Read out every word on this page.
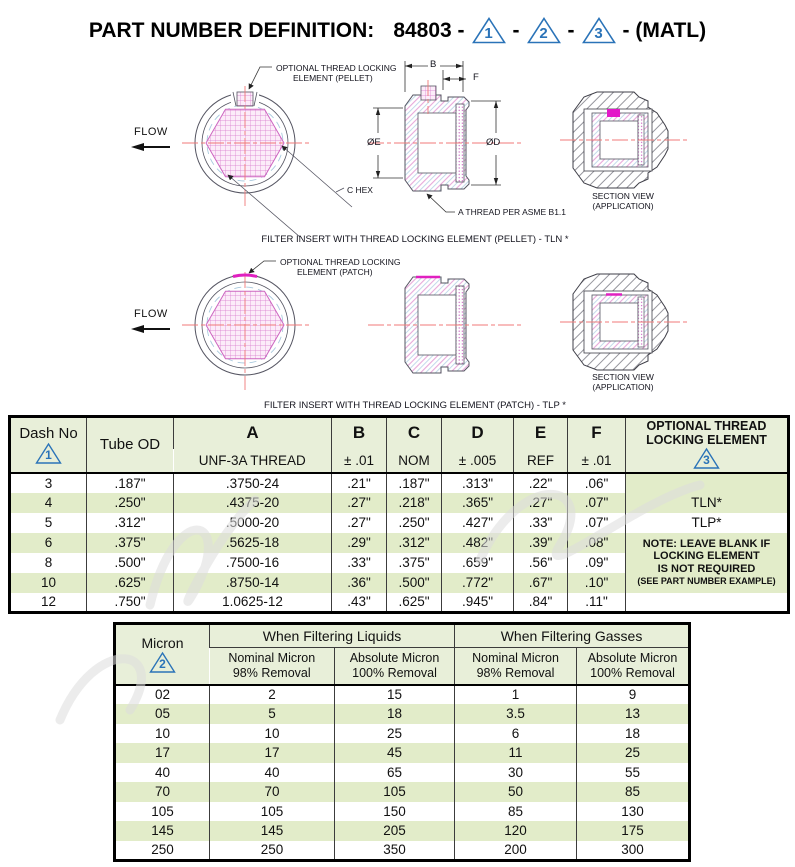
PART NUMBER DEFINITION: 84803 -	1 -	2 -	3 - (MATL)
OPTIONAL THREAD LOCKING
ELEMENT (PELLET)
FLOW
C HEX
B
F
ØE	ØD
A THREAD PER ASME B1.1
SECTION VIEW
(APPLICATION)
FILTER INSERT WITH THREAD LOCKING ELEMENT (PELLET) - TLN *
OPTIONAL THREAD LOCKING
ELEMENT (PATCH)
FLOW
SECTION VIEW
(APPLICATION)
FILTER INSERT WITH THREAD LOCKING ELEMENT (PATCH) - TLP *
Dash No
1	Tube OD	A	B	C	D	E	F	OPTIONAL THREAD
LOCKING ELEMENT
3

		UNF-3A THREAD	± .01	NOM	± .005	REF	± .01	
3	.187"	.3750-24	.21"	.187"	.313"	.22"	.06"	
4	.250"	.4375-20	.27"	.218"	.365"	.27"	.07"	TLN*
5	.312"	.5000-20	.27"	.250"	.427"	.33"	.07"	TLP*
6	.375"	.5625-18	.29"	.312"	.482"	.39"	.08"	NOTE: LEAVE BLANK IF
LOCKING ELEMENT
IS NOT REQUIRED
(SEE PART NUMBER EXAMPLE)
8	.500"	.7500-16	.33"	.375"	.659"	.56"	.09"	
10	.625"	.8750-14	.36"	.500"	.772"	.67"	.10"	
12	.750"	1.0625-12	.43"	.625"	.945"	.84"	.11"	
Micron
2	When Filtering Liquids		When Filtering Gasses	
	Nominal Micron
98% Removal	Absolute Micron
100% Removal	Nominal Micron
98% Removal	Absolute Micron
100% Removal
02	2	15	1	9
05	5	18	3.5	13
10	10	25	6	18
17	17	45	11	25
40	40	65	30	55
70	70	105	50	85
105	105	150	85	130
145	145	205	120	175
250	250	350	200	300
